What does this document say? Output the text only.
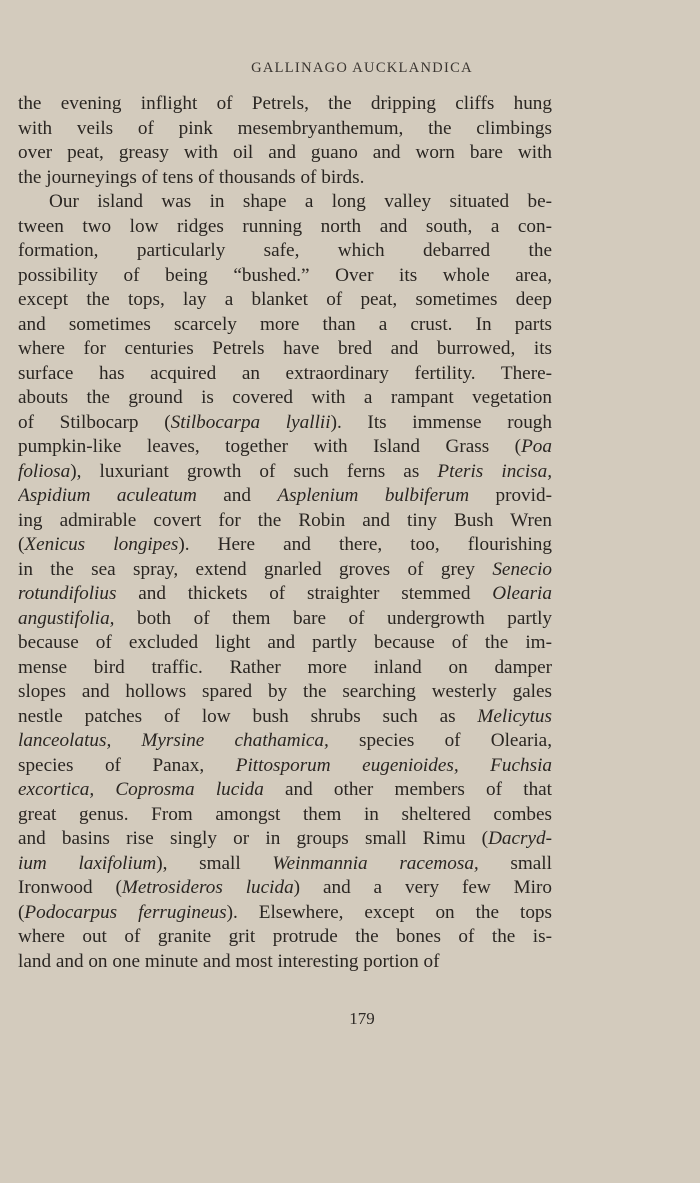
GALLINAGO AUCKLANDICA
the evening inflight of Petrels, the dripping cliffs hung
with veils of pink mesembryanthemum, the climbings
over peat, greasy with oil and guano and worn bare with
the journeyings of tens of thousands of birds.
Our island was in shape a long valley situated be-
tween two low ridges running north and south, a con-
formation, particularly safe, which debarred the
possibility of being “bushed.” Over its whole area,
except the tops, lay a blanket of peat, sometimes deep
and sometimes scarcely more than a crust. In parts
where for centuries Petrels have bred and burrowed, its
surface has acquired an extraordinary fertility. There-
abouts the ground is covered with a rampant vegetation
of Stilbocarp (Stilbocarpa lyallii). Its immense rough
pumpkin-like leaves, together with Island Grass (Poa
foliosa), luxuriant growth of such ferns as Pteris incisa,
Aspidium aculeatum and Asplenium bulbiferum provid-
ing admirable covert for the Robin and tiny Bush Wren
(Xenicus longipes). Here and there, too, flourishing
in the sea spray, extend gnarled groves of grey Senecio
rotundifolius and thickets of straighter stemmed Olearia
angustifolia, both of them bare of undergrowth partly
because of excluded light and partly because of the im-
mense bird traffic. Rather more inland on damper
slopes and hollows spared by the searching westerly gales
nestle patches of low bush shrubs such as Melicytus
lanceolatus, Myrsine chathamica, species of Olearia,
species of Panax, Pittosporum eugenioides, Fuchsia
excortica, Coprosma lucida and other members of that
great genus. From amongst them in sheltered combes
and basins rise singly or in groups small Rimu (Dacryd-
ium laxifolium), small Weinmannia racemosa, small
Ironwood (Metrosideros lucida) and a very few Miro
(Podocarpus ferrugineus). Elsewhere, except on the tops
where out of granite grit protrude the bones of the is-
land and on one minute and most interesting portion of
179
